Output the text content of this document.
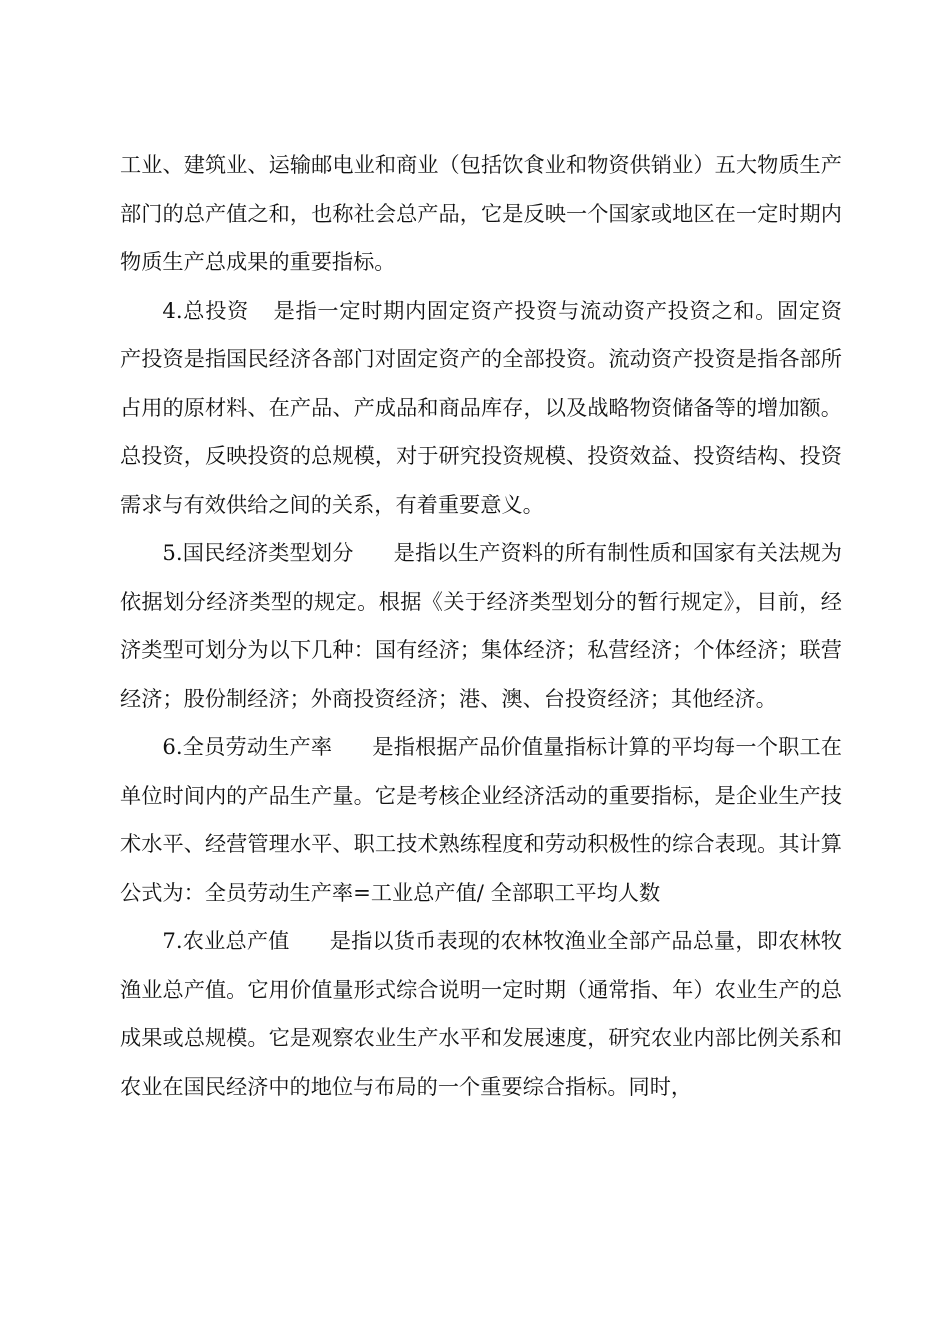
工业、建筑业、运输邮电业和商业（包括饮食业和物资供销业）五大物质生产部门的总产值之和，也称社会总产品，它是反映一个国家或地区在一定时期内物质生产总成果的重要指标。

4.总投资 是指一定时期内固定资产投资与流动资产投资之和。固定资产投资是指国民经济各部门对固定资产的全部投资。流动资产投资是指各部所占用的原材料、在产品、产成品和商品库存，以及战略物资储备等的增加额。总投资，反映投资的总规模，对于研究投资规模、投资效益、投资结构、投资需求与有效供给之间的关系，有着重要意义。

5.国民经济类型划分 是指以生产资料的所有制性质和国家有关法规为依据划分经济类型的规定。根据《关于经济类型划分的暂行规定》，目前，经济类型可划分为以下几种：国有经济；集体经济；私营经济；个体经济；联营经济；股份制经济；外商投资经济；港、澳、台投资经济；其他经济。

6.全员劳动生产率 是指根据产品价值量指标计算的平均每一个职工在单位时间内的产品生产量。它是考核企业经济活动的重要指标，是企业生产技术水平、经营管理水平、职工技术熟练程度和劳动积极性的综合表现。其计算公式为：全员劳动生产率=工业总产值/ 全部职工平均人数

7.农业总产值 是指以货币表现的农林牧渔业全部产品总量，即农林牧渔业总产值。它用价值量形式综合说明一定时期（通常指、年）农业生产的总成果或总规模。它是观察农业生产水平和发展速度，研究农业内部比例关系和农业在国民经济中的地位与布局的一个重要综合指标。同时，
